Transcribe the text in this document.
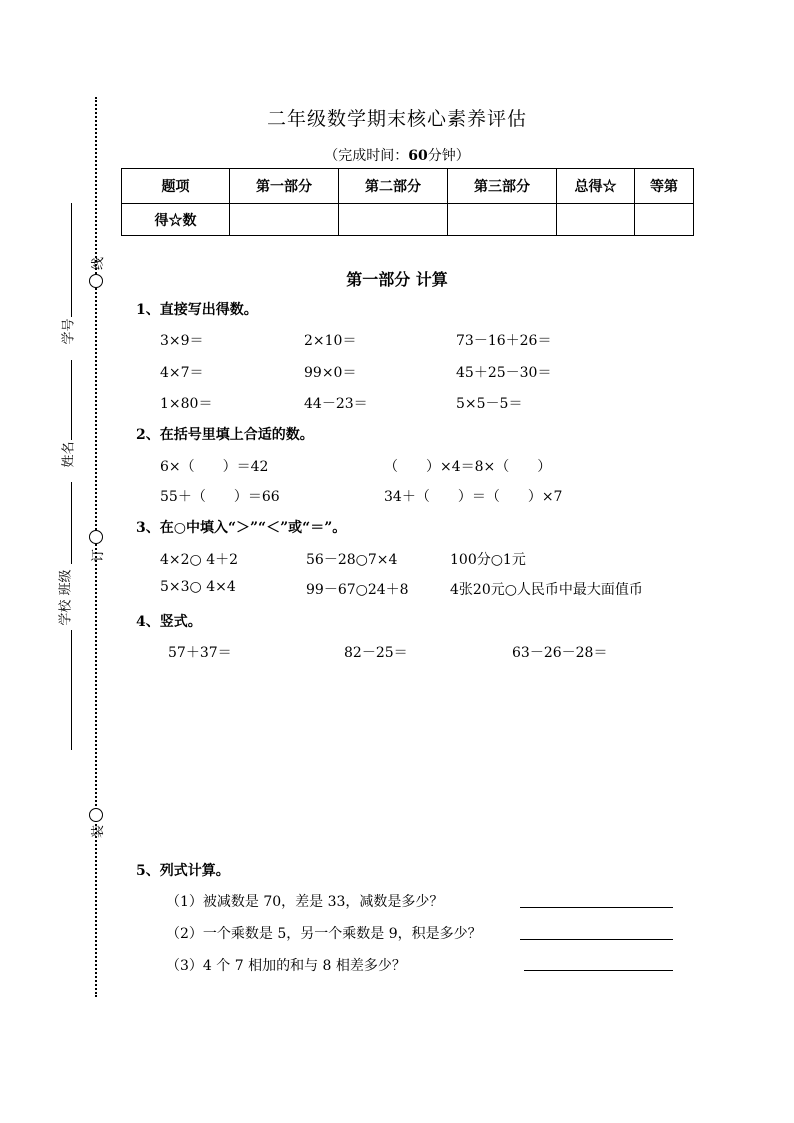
线
订
装
学号
姓名
学校 班级
二年级数学期末核心素养评估
（完成时间：60分钟）
题项	第一部分	第二部分	第三部分	总得☆	等第
得☆数					
第一部分 计算
1、直接写出得数。
3×9＝	2×10＝	73－16＋26＝
4×7＝	99×0＝	45＋25－30＝
1×80＝	44－23＝	5×5－5＝
2、在括号里填上合适的数。
6×（　　）＝42	（　　）×4＝8×（　　）
55＋（　　）＝66	34＋（　　）＝（　　）×7
3、在○中填入“＞”“＜”或“＝”。
4×2○ 4＋2	56－28○7×4	100分○1元
5×3○ 4×4	99－67○24＋8	4张20元○人民币中最大面值币
4、竖式。
57＋37＝	82－25＝	63－26－28＝
5、列式计算。
（1）被减数是 70，差是 33，减数是多少？
（2）一个乘数是 5，另一个乘数是 9，积是多少？
（3）4 个 7 相加的和与 8 相差多少？
